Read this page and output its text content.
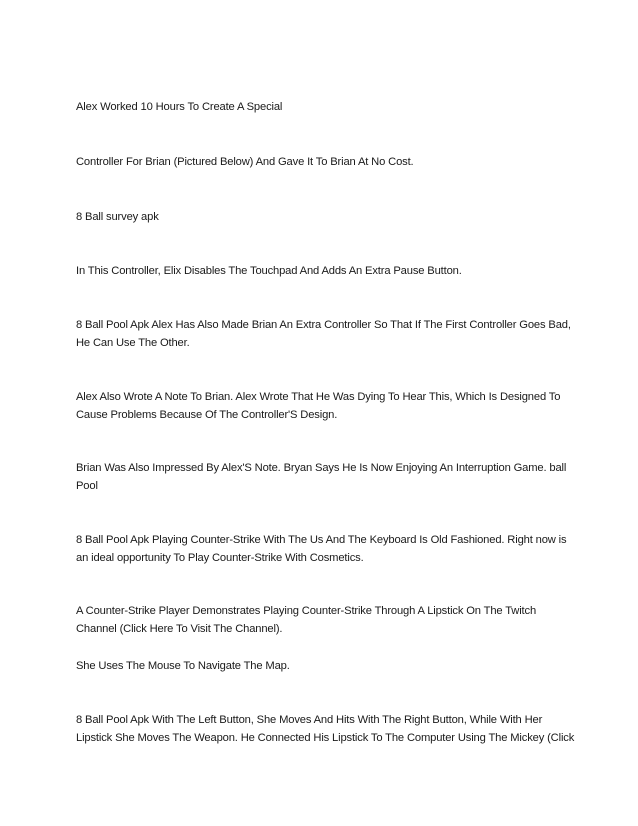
Alex Worked 10 Hours To Create A Special

Controller For Brian (Pictured Below) And Gave It To Brian At No Cost.

8 Ball survey apk

In This Controller, Elix Disables The Touchpad And Adds An Extra Pause Button.

8 Ball Pool Apk Alex Has Also Made Brian An Extra Controller So That If The First Controller Goes Bad, He Can Use The Other.

Alex Also Wrote A Note To Brian. Alex Wrote That He Was Dying To Hear This, Which Is Designed To Cause Problems Because Of The Controller'S Design.

Brian Was Also Impressed By Alex'S Note. Bryan Says He Is Now Enjoying An Interruption Game. ball Pool

8 Ball Pool Apk Playing Counter-Strike With The Us And The Keyboard Is Old Fashioned. Right now is an ideal opportunity To Play Counter-Strike With Cosmetics.

A Counter-Strike Player Demonstrates Playing Counter-Strike Through A Lipstick On The Twitch Channel (Click Here To Visit The Channel).

She Uses The Mouse To Navigate The Map.

8 Ball Pool Apk With The Left Button, She Moves And Hits With The Right Button, While With Her Lipstick She Moves The Weapon. He Connected His Lipstick To The Computer Using The Mickey (Click
